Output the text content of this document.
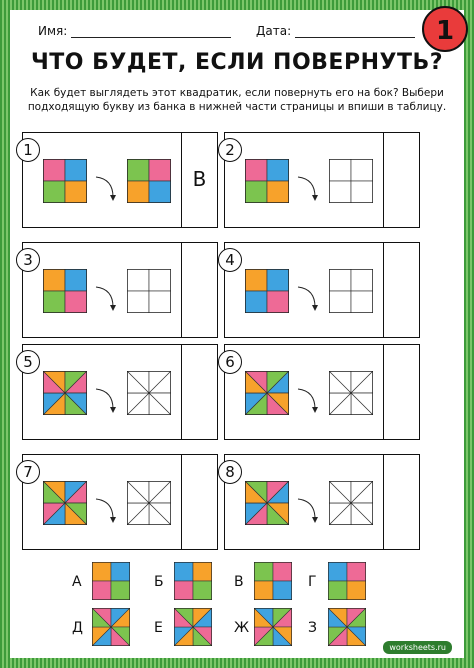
Имя:	Дата:	1
ЧТО БУДЕТ, ЕСЛИ ПОВЕРНУТЬ?
Как будет выглядеть этот квадратик, если повернуть его на бок? Выбери подходящую букву из банка в нижней части страницы и впиши в таблицу.
В
1	2
3	4
5	6
7	8
А	Б	В	Г
Д	Е	Ж	З
worksheets.ru
